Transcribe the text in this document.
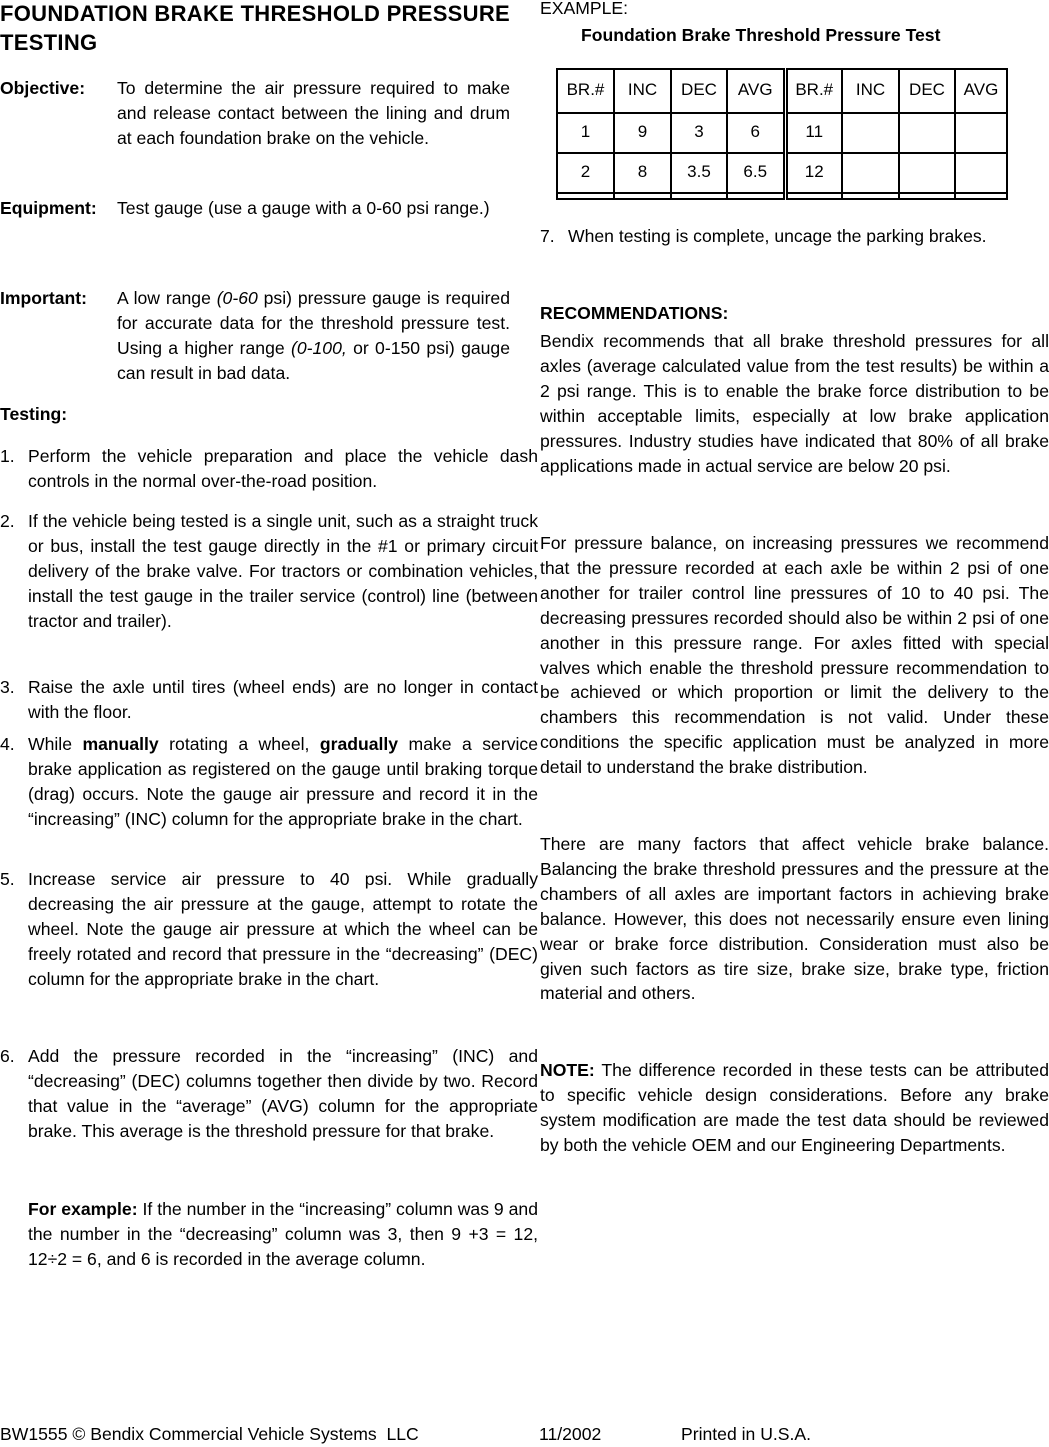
FOUNDATION BRAKE THRESHOLD PRESSURE TESTING
Objective: To determine the air pressure required to make and release contact between the lining and drum at each foundation brake on the vehicle.
Equipment: Test gauge (use a gauge with a 0-60 psi range.)
Important: A low range (0-60 psi) pressure gauge is required for accurate data for the threshold pressure test. Using a higher range (0-100, or 0-150 psi) gauge can result in bad data.
Testing:
1. Perform the vehicle preparation and place the vehicle dash controls in the normal over-the-road position.
2. If the vehicle being tested is a single unit, such as a straight truck or bus, install the test gauge directly in the #1 or primary circuit delivery of the brake valve. For tractors or combination vehicles, install the test gauge in the trailer service (control) line (between tractor and trailer).
3. Raise the axle until tires (wheel ends) are no longer in contact with the floor.
4. While manually rotating a wheel, gradually make a service brake application as registered on the gauge until braking torque (drag) occurs. Note the gauge air pressure and record it in the “increasing” (INC) column for the appropriate brake in the chart.
5. Increase service air pressure to 40 psi. While gradually decreasing the air pressure at the gauge, attempt to rotate the wheel. Note the gauge air pressure at which the wheel can be freely rotated and record that pressure in the “decreasing” (DEC) column for the appropriate brake in the chart.
6. Add the pressure recorded in the “increasing” (INC) and “decreasing” (DEC) columns together then divide by two. Record that value in the “average” (AVG) column for the appropriate brake. This average is the threshold pressure for that brake.
For example: If the number in the “increasing” column was 9 and the number in the “decreasing” column was 3, then 9 +3 = 12, 12÷2 = 6, and 6 is recorded in the average column.
EXAMPLE:
Foundation Brake Threshold Pressure Test
BR.#	INC	DEC	AVG	BR.#	INC	DEC	AVG
1	9	3	6	11			
2	8	3.5	6.5	12			

7. When testing is complete, uncage the parking brakes.
RECOMMENDATIONS:
Bendix recommends that all brake threshold pressures for all axles (average calculated value from the test results) be within a 2 psi range. This is to enable the brake force distribution to be within acceptable limits, especially at low brake application pressures. Industry studies have indicated that 80% of all brake applications made in actual service are below 20 psi.
For pressure balance, on increasing pressures we recommend that the pressure recorded at each axle be within 2 psi of one another for trailer control line pressures of 10 to 40 psi. The decreasing pressures recorded should also be within 2 psi of one another in this pressure range. For axles fitted with special valves which enable the threshold pressure recommendation to be achieved or which proportion or limit the delivery to the chambers this recommendation is not valid. Under these conditions the specific application must be analyzed in more detail to understand the brake distribution.
There are many factors that affect vehicle brake balance. Balancing the brake threshold pressures and the pressure at the chambers of all axles are important factors in achieving brake balance. However, this does not necessarily ensure even lining wear or brake force distribution. Consideration must also be given such factors as tire size, brake size, brake type, friction material and others.
NOTE: The difference recorded in these tests can be attributed to specific vehicle design considerations. Before any brake system modification are made the test data should be reviewed by both the vehicle OEM and our Engineering Departments.
BW1555 © Bendix Commercial Vehicle Systems  LLC	11/2002	Printed in U.S.A.
